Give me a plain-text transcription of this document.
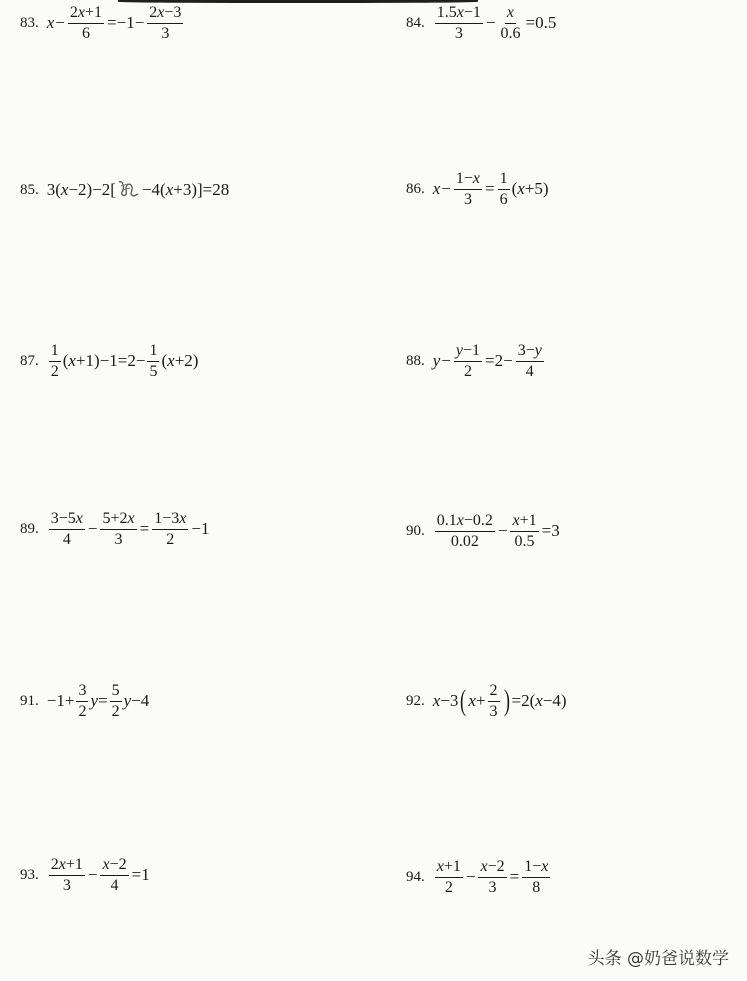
83. $x - \frac{2x+1}{6} =-1- \frac{2x-3}{3}$	84. $\frac{1.5x-1}{3} - \frac{x}{0.6} =0.5$
85. 3( x −2)−2[
−4( x +3)]=28	86. $x - \frac{1-x}{3} = \frac{1}{6}$ ( x +5)
87. $\frac{1}{2}$ ( $x +1)-1=2- \frac{1}{5}$ ( x +2)	88. $y - \frac{y-1}{2} =2- \frac{3-y}{4}$
89. $\frac{3-5x}{4} - \frac{5+2x}{3} = \frac{1-3x}{2} -1$	90. $\frac{0.1x-0.2}{0.02} - \frac{x+1}{0.5} =3$
91. $-1+ \frac{3}{2}$ $y = \frac{5}{2}$ y −4	92. x −3 ( $x + \frac{2}{3}$ ) =2( x −4)
93. $\frac{2x+1}{3} - \frac{x-2}{4} =1$	94. $\frac{x+1}{2} - \frac{x-2}{3} = \frac{1-x}{8}$
头条 @奶爸说数学
